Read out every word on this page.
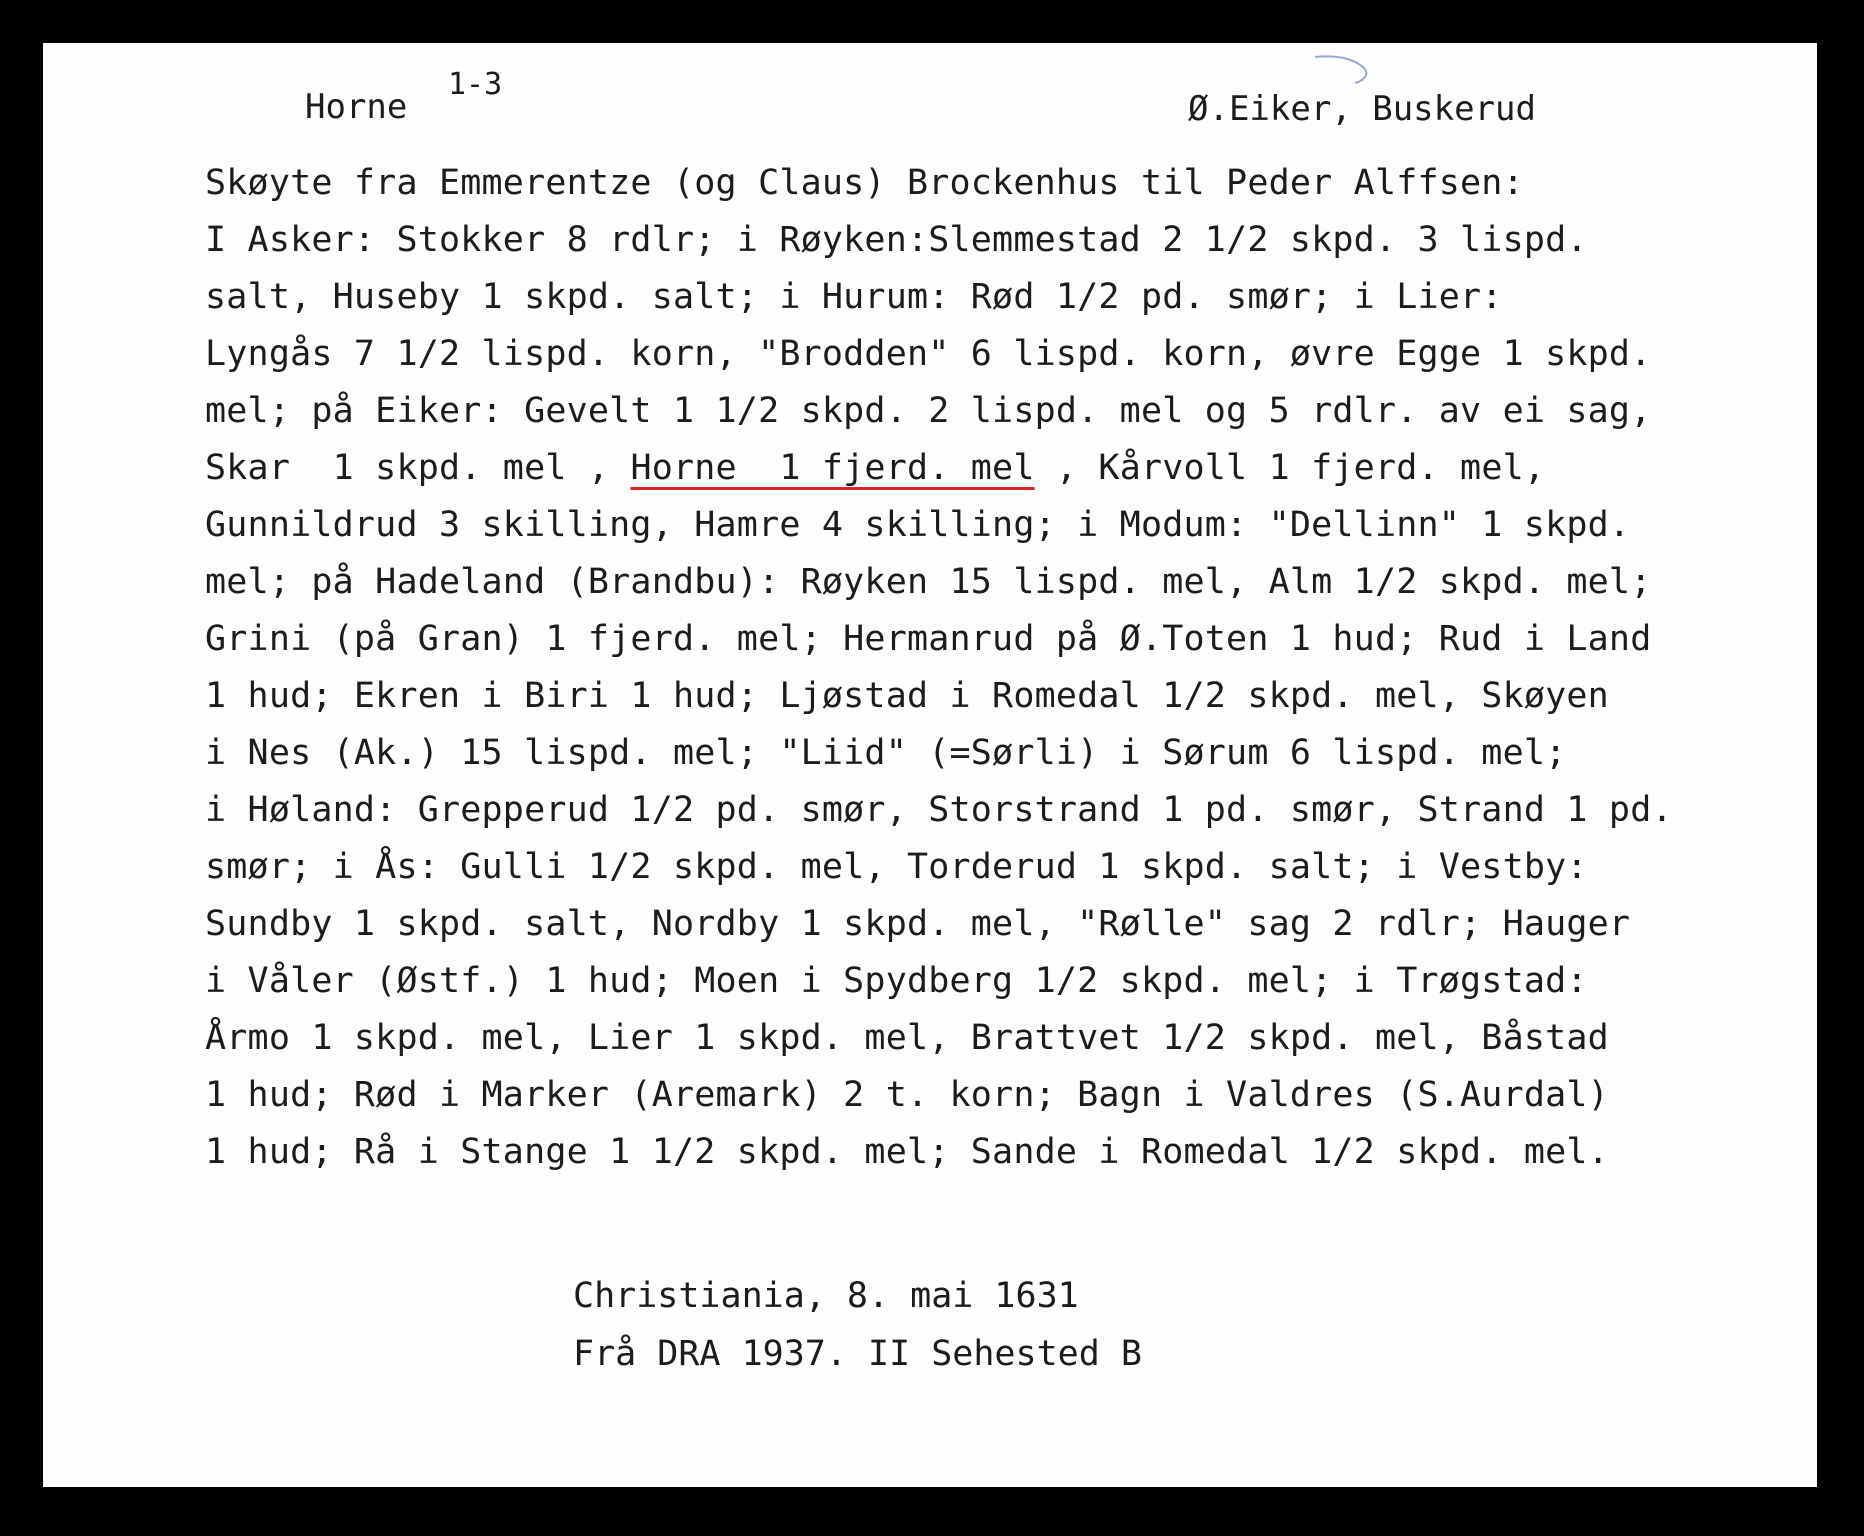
Horne
1-3
Ø.Eiker, Buskerud
Skøyte fra Emmerentze (og Claus) Brockenhus til Peder Alffsen:
I Asker: Stokker 8 rdlr; i Røyken:Slemmestad 2 1/2 skpd. 3 lispd.
salt, Huseby 1 skpd. salt; i Hurum: Rød 1/2 pd. smør; i Lier:
Lyngås 7 1/2 lispd. korn, "Brodden" 6 lispd. korn, øvre Egge 1 skpd.
mel; på Eiker: Gevelt 1 1/2 skpd. 2 lispd. mel og 5 rdlr. av ei sag,
Skar  1 skpd. mel , Horne  1 fjerd. mel , Kårvoll 1 fjerd. mel,
Gunnildrud 3 skilling, Hamre 4 skilling; i Modum: "Dellinn" 1 skpd.
mel; på Hadeland (Brandbu): Røyken 15 lispd. mel, Alm 1/2 skpd. mel;
Grini (på Gran) 1 fjerd. mel; Hermanrud på Ø.Toten 1 hud; Rud i Land
1 hud; Ekren i Biri 1 hud; Ljøstad i Romedal 1/2 skpd. mel, Skøyen
i Nes (Ak.) 15 lispd. mel; "Liid" (=Sørli) i Sørum 6 lispd. mel;
i Høland: Grepperud 1/2 pd. smør, Storstrand 1 pd. smør, Strand 1 pd.
smør; i Ås: Gulli 1/2 skpd. mel, Torderud 1 skpd. salt; i Vestby:
Sundby 1 skpd. salt, Nordby 1 skpd. mel, "Rølle" sag 2 rdlr; Hauger
i Våler (Østf.) 1 hud; Moen i Spydberg 1/2 skpd. mel; i Trøgstad:
Årmo 1 skpd. mel, Lier 1 skpd. mel, Brattvet 1/2 skpd. mel, Båstad
1 hud; Rød i Marker (Aremark) 2 t. korn; Bagn i Valdres (S.Aurdal)
1 hud; Rå i Stange 1 1/2 skpd. mel; Sande i Romedal 1/2 skpd. mel.
Christiania, 8. mai 1631
Frå DRA 1937. II Sehested B
